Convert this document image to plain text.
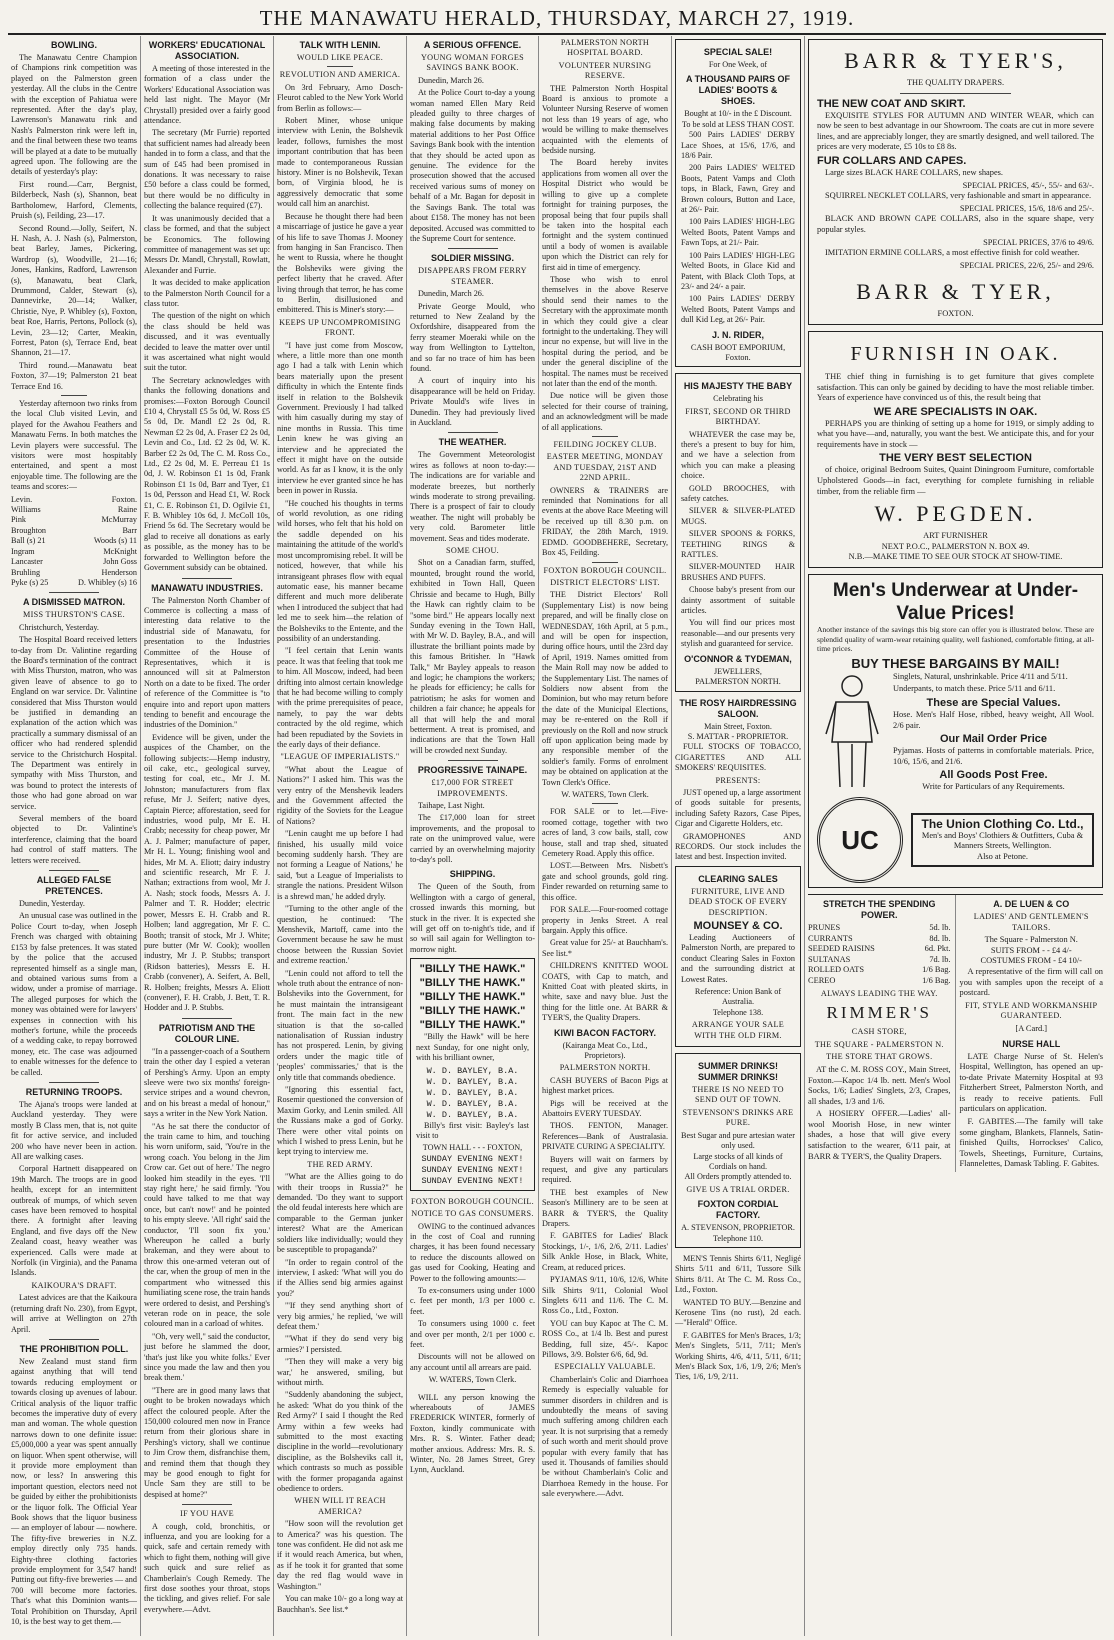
THE MANAWATU HERALD, THURSDAY, MARCH 27, 1919.
BOWLING.

The Manawatu Centre Champion of Champions rink competition was played on the Palmerston green yesterday. All the clubs in the Centre with the exception of Pahiatua were represented. After the day's play, Lawrenson's Manawatu rink and Nash's Palmerston rink were left in, and the final between these two teams will be played at a date to be mutually agreed upon. The following are the details of yesterday's play:

First round.—Carr, Bergnist, Bilderbeck, Nash (s), Shannon, beat Bartholomew, Harford, Clements, Pruish (s), Feilding, 23—17.

Second Round.—Jolly, Seifert, N. H. Nash, A. J. Nash (s), Palmerston, beat Barley, James, Pickering, Wardrop (s), Woodville, 21—16; Jones, Hankins, Radford, Lawrenson (s), Manawatu, beat Clark, Drummond, Calder, Stewart (s), Dannevirke, 20—14; Walker, Christie, Nye, P. Whibley (s), Foxton, beat Roe, Harris, Pertons, Pollock (s), Levin, 23—12; Carter, Meakin, Forrest, Paton (s), Terrace End, beat Shannon, 21—17.

Third round.—Manawatu beat Foxton, 37—19; Palmerston 21 beat Terrace End 16.

Yesterday afternoon two rinks from the local Club visited Levin, and played for the Awahou Feathers and Manawatu Ferns. In both matches the Levin players were successful. The visitors were most hospitably entertained, and spent a most enjoyable time. The following are the teams and scores:—

Levin.	Foxton.
Williams	Raine
Pink	McMurray
Broughton	Barr
Ball (s) 21	Woods (s) 11
Ingram	McKnight
Lancaster	John Goss
Bruhling	Henderson
Pyke (s) 25	D. Whibley (s) 16
A DISMISSED MATRON.
MISS THURSTON'S CASE.

Christchurch, Yesterday.

The Hospital Board received letters to-day from Dr. Valintine regarding the Board's termination of the contract with Miss Thurston, matron, who was given leave of absence to go to England on war service. Dr. Valintine considered that Miss Thurston would be justified in demanding an explanation of the action which was practically a summary dismissal of an officer who had rendered splendid service to the Christchurch Hospital. The Department was entirely in sympathy with Miss Thurston, and was bound to protect the interests of those who had gone abroad on war service.

Several members of the board objected to Dr. Valintine's interference, claiming that the board had control of staff matters. The letters were received.

ALLEGED FALSE PRETENCES.

Dunedin, Yesterday.

An unusual case was outlined in the Police Court to-day, when Joseph French was charged with obtaining £153 by false pretences. It was stated by the police that the accused represented himself as a single man, and obtained various sums from a widow, under a promise of marriage. The alleged purposes for which the money was obtained were for lawyers' expenses in connection with his mother's fortune, while the proceeds of a wedding cake, to repay borrowed money, etc. The case was adjourned to enable witnesses for the defence to be called.

RETURNING TROOPS.

The Ajana's troops were landed at Auckland yesterday. They were mostly B Class men, that is, not quite fit for active service, and included 200 who have never been in action. All are walking cases.

Corporal Hartnett disappeared on 19th March. The troops are in good health, except for an intermittent outbreak of mumps, of which seven cases have been removed to hospital there. A fortnight after leaving England, and five days off the New Zealand coast, heavy weather was experienced. Calls were made at Norfolk (in Virginia), and the Panama Islands.

KAIKOURA'S DRAFT.

Latest advices are that the Kaikoura (returning draft No. 230), from Egypt, will arrive at Wellington on 27th April.

THE PROHIBITION POLL.

New Zealand must stand firm against anything that will tend towards reducing employment or towards closing up avenues of labour. Critical analysis of the liquor traffic becomes the imperative duty of every man and woman. The whole question narrows down to one definite issue: £5,000,000 a year was spent annually on liquor. When spent otherwise, will it provide more employment than now, or less? In answering this important question, electors need not be guided by either the prohibitionists or the liquor folk. The Official Year Book shows that the liquor business — an employer of labour — nowhere. The fifty-five breweries in N.Z. employ directly only 735 hands. Eighty-three clothing factories provide employment for 3,547 hand! Putting out fifty-five breweries — and 700 will become more factories. That's what this Dominion wants—Total Prohibition on Thursday, April 10, is the best way to get them.—

WORKERS' EDUCATIONAL ASSOCIATION.

A meeting of those interested in the formation of a class under the Workers' Educational Association was held last night. The Mayor (Mr Chrystall) presided over a fairly good attendance.

The secretary (Mr Furrie) reported that sufficient names had already been handed in to form a class, and that the sum of £45 had been promised in donations. It was necessary to raise £50 before a class could be formed, but there would be no difficulty in collecting the balance required (£7).

It was unanimously decided that a class be formed, and that the subject be Economics. The following committee of management was set up: Messrs Dr. Mandl, Chrystall, Rowlatt, Alexander and Furrie.

It was decided to make application to the Palmerston North Council for a class tutor.

The question of the night on which the class should be held was discussed, and it was eventually decided to leave the matter over until it was ascertained what night would suit the tutor.

The Secretary acknowledges with thanks the following donations and promises:—Foxton Borough Council £10 4, Chrystall £5 5s 0d, W. Ross £5 5s 0d, Dr. Mandl £2 2s 0d, R. Newman £2 2s 0d, A. Fraser £2 2s 0d, Levin and Co., Ltd. £2 2s 0d, W. K. Barber £2 2s 0d, The C. M. Ross Co., Ltd., £2 2s 0d, M. E. Perreau £1 1s 0d, J. W. Robinson £1 1s 0d, Frank Robinson £1 1s 0d, Barr and Tyer, £1 1s 0d, Persson and Head £1, W. Rock £1, C. E. Robinson £1, D. Ogilvie £1, F. B. Whibley 10s 6d, J. McColl 10s, Friend 5s 6d. The Secretary would be glad to receive all donations as early as possible, as the money has to be forwarded to Wellington before the Government subsidy can be obtained.

MANAWATU INDUSTRIES.

The Palmerston North Chamber of Commerce is collecting a mass of interesting data relative to the industrial side of Manawatu, for presentation to the Industries Committee of the House of Representatives, which it is announced will sit at Palmerston North on a date to be fixed. The order of reference of the Committee is "to enquire into and report upon matters tending to benefit and encourage the industries of the Dominion."

Evidence will be given, under the auspices of the Chamber, on the following subjects:—Hemp industry, oil cake, etc., geological survey, testing for coal, etc., Mr J. M. Johnston; manufacturers from flax refuse, Mr J. Seifert; native dyes, Captain Pierce; afforestation, seed for industries, wood pulp, Mr E. H. Crabb; necessity for cheap power, Mr A. J. Palmer; manufacture of paper, Mr H. L. Young; finishing wool and hides, Mr M. A. Eliott; dairy industry and scientific research, Mr F. J. Nathan; extractions from wool, Mr J. A. Nash; stock foods, Messrs A. J. Palmer and T. R. Hodder; electric power, Messrs E. H. Crabb and R. Holben; land aggregation, Mr F. C. Booth; transit of stock, Mr J. White; pure butter (Mr W. Cook); woollen industry, Mr J. P. Stubbs; transport (Ridson batteries), Messrs E. H. Crabb (convener), A. Seifert, A. Bell, R. Holben; freights, Messrs A. Eliott (convener), F. H. Crabb, J. Bett, T. R. Hodder and J. P. Stubbs.

PATRIOTISM AND THE COLOUR LINE.

"In a passenger-coach of a Southern train the other day I espied a veteran of Pershing's Army. Upon an empty sleeve were two six months' foreign-service stripes and a wound chevron, and on his breast a medal of honour," says a writer in the New York Nation.

"As he sat there the conductor of the train came to him, and touching his worn uniform, said, 'You're in the wrong coach. You belong in the Jim Crow car. Get out of here.' The negro looked him steadily in the eyes. 'I'll stay right here,' he said firmly. 'You could have talked to me that way once, but can't now!' and he pointed to his empty sleeve. 'All right' said the conductor, 'I'll soon fix you.' Whereupon he called a burly brakeman, and they were about to throw this one-armed veteran out of the car, when the group of men in the compartment who witnessed this humiliating scene rose, the train hands were ordered to desist, and Pershing's veteran rode on in peace, the sole coloured man in a carload of whites.

"Oh, very well," said the conductor, just before he slammed the door, 'that's just like you white folks.' Ever since you made the law and then you break them.'

"There are in good many laws that ought to be broken nowadays which affect the coloured people. After the 150,000 coloured men now in France return from their glorious share in Pershing's victory, shall we continue to Jim Crow them, disfranchise them, and remind them that though they may be good enough to fight for Uncle Sam they are still to be despised at home?"

IF YOU HAVE

A cough, cold, bronchitis, or influenza, and you are looking for a quick, safe and certain remedy with which to fight them, nothing will give such quick and sure relief as Chamberlain's Cough Remedy. The first dose soothes your throat, stops the tickling, and gives relief. For sale everywhere.—Advt.

TALK WITH LENIN.
WOULD LIKE PEACE.
REVOLUTION AND AMERICA.

On 3rd February, Arno Dosch-Fleurot cabled to the New York World from Berlin as follows:—

Robert Miner, whose unique interview with Lenin, the Bolshevik leader, follows, furnishes the most important contribution that has been made to contemporaneous Russian history. Miner is no Bolshevik, Texan born, of Virginia blood, he is aggressively democratic that some would call him an anarchist.

Because he thought there had been a miscarriage of justice he gave a year of his life to save Thomas J. Mooney from hanging in San Francisco. Then he went to Russia, where he thought the Bolsheviks were giving the perfect liberty that he craved. After living through that terror, he has come to Berlin, disillusioned and embittered. This is Miner's story:—

KEEPS UP UNCOMPROMISING FRONT.

"I have just come from Moscow, where, a little more than one month ago I had a talk with Lenin which bears materially upon the present difficulty in which the Entente finds itself in relation to the Bolshevik Government. Previously I had talked with him casually during my stay of nine months in Russia. This time Lenin knew he was giving an interview and he appreciated the effect it might have on the outside world. As far as I know, it is the only interview he ever granted since he has been in power in Russia.

"He couched his thoughts in terms of world revolution, as one riding wild horses, who felt that his hold on the saddle depended on his maintaining the attitude of the world's most uncompromising rebel. It will be noticed, however, that while his intransigeant phrases flow with equal automatic ease, his manner became different and much more deliberate when I introduced the subject that had led me to seek him—the relation of the Bolsheviks to the Entente, and the possibility of an understanding.

"I feel certain that Lenin wants peace. It was that feeling that took me to him. All Moscow, indeed, had been drifting into almost certain knowledge that he had become willing to comply with the prime prerequisites of peace, namely, to pay the war debts contracted by the old regime, which had been repudiated by the Soviets in the early days of their defiance.

"LEAGUE OF IMPERIALISTS."

"What about the League of Nations?" I asked him. This was the very entry of the Menshevik leaders and the Government affected the rigidity of the Soviets for the League of Nations?

"Lenin caught me up before I had finished, his usually mild voice becoming suddenly harsh. 'They are not forming a League of Nations,' he said, 'but a League of Imperialists to strangle the nations. President Wilson is a shrewd man,' he added dryly.

"Turning to the other angle of the question, he continued: 'The Menshevik, Martoff, came into the Government because he saw he must choose between the Russian Soviet and extreme reaction.'

"Lenin could not afford to tell the whole truth about the entrance of non-Bolsheviks into the Government, for he must maintain the intransigeant front. The main fact in the new situation is that the so-called nationalisation of Russian industry has not prospered. Lenin, by giving orders under the magic title of 'peoples' commissaries,' that is the only title that commands obedience.

"Ignoring this essential fact, Rosemir questioned the conversion of Maxim Gorky, and Lenin smiled. All the Russians make a god of Gorky. There were other vital points on which I wished to press Lenin, but he kept trying to interview me.

THE RED ARMY.

"What are the Allies going to do with their troops in Russia?" he demanded. 'Do they want to support the old feudal interests here which are comparable to the German junker interest? What are the American soldiers like individually; would they be susceptible to propaganda?'

"In order to regain control of the interview, I asked: 'What will you do if the Allies send big armies against you?'

"'If they send anything short of very big armies,' he replied, 'we will defeat them.'

"'What if they do send very big armies?' I persisted.

"Then they will make a very big war,' he answered, smiling, but without mirth.

"Suddenly abandoning the subject, he asked: 'What do you think of the Red Army?' I said I thought the Red Army within a few weeks had submitted to the most exacting discipline in the world—revolutionary discipline, as the Bolsheviks call it, which contrasts so much as possible with the former propaganda against obedience to orders.

WHEN WILL IT REACH AMERICA?

"How soon will the revolution get to America?' was his question. The tone was confident. He did not ask me if it would reach America, but when, as if he took it for granted that some day the red flag would wave in Washington."

You can make 10/- go a long way at Bauchhan's. See list.*

A SERIOUS OFFENCE.
YOUNG WOMAN FORGES SAVINGS BANK BOOK.

Dunedin, March 26.

At the Police Court to-day a young woman named Ellen Mary Reid pleaded guilty to three charges of making false documents by making material additions to her Post Office Savings Bank book with the intention that they should be acted upon as genuine. The evidence for the prosecution showed that the accused received various sums of money on behalf of a Mr. Bagan for deposit in the Savings Bank. The total was about £158. The money has not been deposited. Accused was committed to the Supreme Court for sentence.

SOLDIER MISSING.
DISAPPEARS FROM FERRY STEAMER.

Dunedin, March 26.

Private George Mould, who returned to New Zealand by the Oxfordshire, disappeared from the ferry steamer Moeraki while on the way from Wellington to Lyttelton, and so far no trace of him has been found.

A court of inquiry into his disappearance will be held on Friday. Private Mould's wife lives in Dunedin. They had previously lived in Auckland.

THE WEATHER.

The Government Meteorologist wires as follows at noon to-day:— The indications are for variable and moderate breezes, but northerly winds moderate to strong prevailing. There is a prospect of fair to cloudy weather. The night will probably be very cold. Barometer little movement. Seas and tides moderate.

SOME CHOU.

Shot on a Canadian farm, stuffed, mounted, brought round the world, exhibited in Town Hall, Queen Chrissie and became to Hugh, Billy the Hawk can rightly claim to be "some bird." He appears locally next Sunday evening in the Town Hall, with Mr W. D. Bayley, B.A., and will illustrate the brilliant points made by this famous Britisher. In "Hawk Talk," Mr Bayley appeals to reason and logic; he champions the workers; he pleads for efficiency; he calls for patriotism; he asks for women and children a fair chance; he appeals for all that will help the and moral betterment. A treat is promised, and indications are that the Town Hall will be crowded next Sunday.

PROGRESSIVE TAINAPE.
£17,000 FOR STREET IMPROVEMENTS.

Taihape, Last Night.

The £17,000 loan for street improvements, and the proposal to rate on the unimproved value, were carried by an overwhelming majority to-day's poll.

SHIPPING.

The Queen of the South, from Wellington with a cargo of general, crossed inwards this morning, but stuck in the river. It is expected she will get off on to-night's tide, and if so will sail again for Wellington to-morrow night.

"BILLY THE HAWK."
"BILLY THE HAWK."
"BILLY THE HAWK."
"BILLY THE HAWK."
"BILLY THE HAWK."

"Billy the Hawk" will be here next Sunday, for one night only, with his brilliant owner,

W. D. BAYLEY, B.A.
W. D. BAYLEY, B.A.
W. D. BAYLEY, B.A.
W. D. BAYLEY, B.A.
W. D. BAYLEY, B.A.

Billy's first visit: Bayley's last visit to

TOWN HALL - - - FOXTON,
SUNDAY EVENING NEXT!
SUNDAY EVENING NEXT!
SUNDAY EVENING NEXT!
FOXTON BOROUGH COUNCIL.
NOTICE TO GAS CONSUMERS.

OWING to the continued advances in the cost of Coal and running charges, it has been found necessary to reduce the discounts allowed on gas used for Cooking, Heating and Power to the following amounts:—

To ex-consumers using under 1000 c. feet per month, 1/3 per 1000 c. feet.

To consumers using 1000 c. feet and over per month, 2/1 per 1000 c. feet.

Discounts will not be allowed on any account until all arrears are paid.

W. WATERS, Town Clerk.

WILL any person knowing the whereabouts of JAMES FREDERICK WINTER, formerly of Foxton, kindly communicate with Mrs. R. S. Winter. Father dead; mother anxious. Address: Mrs. R. S. Winter, No. 28 James Street, Grey Lynn, Auckland.

PALMERSTON NORTH HOSPITAL BOARD.
VOLUNTEER NURSING RESERVE.

THE Palmerston North Hospital Board is anxious to promote a Volunteer Nursing Reserve of women not less than 19 years of age, who would be willing to make themselves acquainted with the elements of bedside nursing.

The Board hereby invites applications from women all over the Hospital District who would be willing to give up a complete fortnight for training purposes, the proposal being that four pupils shall be taken into the hospital each fortnight and the system continued until a body of women is available upon which the District can rely for first aid in time of emergency.

Those who wish to enrol themselves in the above Reserve should send their names to the Secretary with the approximate month in which they could give a clear fortnight to the undertaking. They will incur no expense, but will live in the hospital during the period, and be under the general discipline of the hospital. The names must be received not later than the end of the month.

Due notice will be given those selected for their course of training, and an acknowledgment will be made of all applications.

FEILDING JOCKEY CLUB.
EASTER MEETING, MONDAY AND TUESDAY, 21ST AND 22ND APRIL.

OWNERS & TRAINERS are reminded that Nominations for all events at the above Race Meeting will be received up till 8.30 p.m. on FRIDAY, the 28th March, 1919. EDMD. GOODBEHERE, Secretary, Box 45, Feilding.

FOXTON BOROUGH COUNCIL.
DISTRICT ELECTORS' LIST.

THE District Electors' Roll (Supplementary List) is now being prepared, and will be finally close on WEDNESDAY, 16th April, at 5 p.m., and will be open for inspection, during office hours, until the 23rd day of April, 1919. Names omitted from the Main Roll may now be added to the Supplementary List. The names of Soldiers now absent from the Dominion, but who may return before the date of the Municipal Elections, may be re-entered on the Roll if previously on the Roll and now struck off upon application being made by any responsible member of the soldier's family. Forms of enrolment may be obtained on application at the Town Clerk's Office.

W. WATERS, Town Clerk.

FOR SALE or to let.—Five-roomed cottage, together with two acres of land, 3 cow bails, stall, cow house, stall and trap shed, situated Cemetery Road. Apply this office.

LOST.—Between Mrs. Nisbett's gate and school grounds, gold ring. Finder rewarded on returning same to this office.

FOR SALE.—Four-roomed cottage property in Jenks Street. A real bargain. Apply this office.

Great value for 25/- at Bauchham's. See list.*

CHILDREN'S KNITTED WOOL COATS, with Cap to match, and Knitted Coat with pleated skirts, in white, saxe and navy blue. Just the thing for the little one. At BARR & TYER'S, the Quality Drapers.

KIWI BACON FACTORY.
(Kairanga Meat Co., Ltd., Proprietors).
PALMERSTON NORTH.

CASH BUYERS of Bacon Pigs at highest market prices.

Pigs will be received at the Abattoirs EVERY TUESDAY.

THOS. FENTON, Manager. References—Bank of Australasia. PRIVATE CURING A SPECIALITY.

Buyers will wait on farmers by request, and give any particulars required.

THE best examples of New Season's Millinery are to be seen at BARR & TYER'S, the Quality Drapers.

F. GABITES for Ladies' Black Stockings, 1/-, 1/6, 2/6, 2/11. Ladies' Silk Ankle Hose, in Black, White, Cream, at reduced prices.

PYJAMAS 9/11, 10/6, 12/6, White Silk Shirts 9/11, Colonial Wool Singlets 6/11 and 11/6. The C. M. Ross Co., Ltd., Foxton.

YOU can buy Kapoc at The C. M. ROSS Co., at 1/4 lb. Best and purest Bedding, full size, 45/-. Kapoc Pillows, 3/9. Bolster 6/6, 6d, 9d.

ESPECIALLY VALUABLE.

Chamberlain's Colic and Diarrhoea Remedy is especially valuable for summer disorders in children and is undoubtedly the means of saving much suffering among children each year. It is not surprising that a remedy of such worth and merit should prove popular with every family that has used it. Thousands of families should be without Chamberlain's Colic and Diarrhoea Remedy in the house. For sale everywhere.—Advt.

SPECIAL SALE!
For One Week, of
A THOUSAND PAIRS OF LADIES' BOOTS & SHOES.
Bought at 10/- in the £ Discount. To be sold at LESS THAN COST.

500 Pairs LADIES' DERBY Lace Shoes, at 15/6, 17/6, and 18/6 Pair.

200 Pairs LADIES' WELTED Boots, Patent Vamps and Cloth tops, in Black, Fawn, Grey and Brown colours, Button and Lace, at 26/- Pair.

100 Pairs LADIES' HIGH-LEG Welted Boots, Patent Vamps and Fawn Tops, at 21/- Pair.

100 Pairs LADIES' HIGH-LEG Welted Boots, in Glace Kid and Patent, with Black Cloth Tops, at 23/- and 24/- a pair.

100 Pairs LADIES' DERBY Welted Boots, Patent Vamps and dull Kid Leg, at 26/- Pair.

J. N. RIDER,
CASH BOOT EMPORIUM,
Foxton.
HIS MAJESTY THE BABY
Celebrating his
FIRST, SECOND OR THIRD BIRTHDAY.

WHATEVER the case may be, there's a present to buy for him, and we have a selection from which you can make a pleasing choice.

GOLD BROOCHES, with safety catches.

SILVER & SILVER-PLATED MUGS.

SILVER SPOONS & FORKS, TEETHING RINGS & RATTLES.

SILVER-MOUNTED HAIR BRUSHES AND PUFFS.

Choose baby's present from our dainty assortment of suitable articles.

You will find our prices most reasonable—and our presents very stylish and guaranteed for service.

O'CONNOR & TYDEMAN,
JEWELLERS,
PALMERSTON NORTH.
THE ROSY HAIRDRESSING SALOON.
Main Street, Foxton.
S. MATTAR - PROPRIETOR.

FULL STOCKS OF TOBACCO, CIGARETTES AND ALL SMOKERS' REQUISITES.

PRESENTS:

JUST opened up, a large assortment of goods suitable for presents, including Safety Razors, Case Pipes, Cigar and Cigarette Holders, etc.

GRAMOPHONES AND RECORDS. Our stock includes the latest and best. Inspection invited.

CLEARING SALES
FURNITURE, LIVE AND DEAD STOCK OF EVERY DESCRIPTION.
MOUNSEY & CO.

Leading Auctioneers of Palmerston North, are prepared to conduct Clearing Sales in Foxton and the surrounding district at Lowest Rates.

Reference: Union Bank of Australia.
Telephone 138.
ARRANGE YOUR SALE WITH THE OLD FIRM.
SUMMER DRINKS! SUMMER DRINKS!
THERE IS NO NEED TO SEND OUT OF TOWN.
STEVENSON'S DRINKS ARE PURE.
Best Sugar and pure artesian water only used.
Large stocks of all kinds of Cordials on hand.
All Orders promptly attended to.
GIVE US A TRIAL ORDER.
FOXTON CORDIAL FACTORY.
A. STEVENSON, PROPRIETOR. Telephone 110.

MEN'S Tennis Shirts 6/11, Negligé Shirts 5/11 and 6/11, Tussore Silk Shirts 8/11. At The C. M. Ross Co., Ltd., Foxton.

WANTED TO BUY.—Benzine and Kerosene Tins (no rust), 2d each.—"Herald" Office.

F. GABITES for Men's Braces, 1/3; Men's Singlets, 5/11, 7/11; Men's Working Shirts, 4/6, 4/11, 5/11, 6/11; Men's Black Sox, 1/6, 1/9, 2/6; Men's Ties, 1/6, 1/9, 2/11.

BARR & TYER'S,
THE QUALITY DRAPERS.
THE NEW COAT AND SKIRT.

EXQUISITE STYLES FOR AUTUMN AND WINTER WEAR, which can now be seen to best advantage in our Showroom. The coats are cut in more severe lines, and are appreciably longer, they are smartly designed, and well tailored. The prices are very moderate, £5 10s to £8 8s.

FUR COLLARS AND CAPES.

Large sizes BLACK HARE COLLARS, new shapes.

SPECIAL PRICES, 45/-, 55/- and 63/-.

SQUIRREL NECKLET COLLARS, very fashionable and smart in appearance.

SPECIAL PRICES, 15/6, 18/6 and 25/-.

BLACK AND BROWN CAPE COLLARS, also in the square shape, very popular styles.

SPECIAL PRICES, 37/6 to 49/6.

IMITATION ERMINE COLLARS, a most effective finish for cold weather.

SPECIAL PRICES, 22/6, 25/- and 29/6.
BARR & TYER,
FOXTON.
FURNISH IN OAK.

THE chief thing in furnishing is to get furniture that gives complete satisfaction. This can only be gained by deciding to have the most reliable timber. Years of experience have convinced us of this, the result being that

WE ARE SPECIALISTS IN OAK.

PERHAPS you are thinking of setting up a home for 1919, or simply adding to what you have—and, naturally, you want the best. We anticipate this, and for your requirements have in stock —

THE VERY BEST SELECTION

of choice, original Bedroom Suites, Quaint Diningroom Furniture, comfortable Upholstered Goods—in fact, everything for complete furnishing in reliable timber, from the reliable firm —

W. PEGDEN.
ART FURNISHER
NEXT P.O.C., PALMERSTON N. BOX 49.
N.B.—MAKE TIME TO SEE OUR STOCK AT SHOW-TIME.
Men's Underwear at Under-Value Prices!

Another instance of the savings this big store can offer you is illustrated below. These are splendid quality of warm-wear retaining quality, well fashioned, comfortable fitting, at all-time prices.

BUY THESE BARGAINS BY MAIL!

Singlets, Natural, unshrinkable. Price 4/11 and 5/11.

Underpants, to match these. Price 5/11 and 6/11.

These are Special Values.

Hose. Men's Half Hose, ribbed, heavy weight, All Wool. 2/6 pair.

Our Mail Order Price

Pyjamas. Hosts of patterns in comfortable materials. Price, 10/6, 15/6, and 21/6.

All Goods Post Free.
Write for Particulars of any Requirements.
UC
The Union Clothing Co. Ltd.,
Men's and Boys' Clothiers & Outfitters, Cuba & Manners Streets, Wellington.
Also at Petone.
STRETCH THE SPENDING POWER.
PRUNES	5d. lb.
CURRANTS	8d. lb.
SEEDED RAISINS	6d. Pkt.
SULTANAS	7d. lb.
ROLLED OATS	1/6 Bag.
CEREO	1/6 Bag.
ALWAYS LEADING THE WAY.
RIMMER'S
CASH STORE,
THE SQUARE - PALMERSTON N.
THE STORE THAT GROWS.

AT the C. M. ROSS COY., Main Street, Foxton.—Kapoc 1/4 lb. nett. Men's Wool Socks, 1/6; Ladies' Singlets, 2/3, Crapes, all shades, 1/3 and 1/6.

A HOSIERY OFFER.—Ladies' all-wool Moorish Hose, in new winter shades, a hose that will give every satisfaction to the wearer, 6/11 pair, at BARR & TYER'S, the Quality Drapers.

A. DE LUEN & CO
LADIES' AND GENTLEMEN'S TAILORS.
The Square - Palmerston N.
SUITS FROM - - £4 4/-
COSTUMES FROM - £4 10/-

A representative of the firm will call on you with samples upon the receipt of a postcard.

FIT, STYLE AND WORKMANSHIP GUARANTEED.
[A Card.]
NURSE HALL

LATE Charge Nurse of St. Helen's Hospital, Wellington, has opened an up-to-date Private Maternity Hospital at 93 Fitzherbert Street, Palmerston North, and is ready to receive patients. Full particulars on application.

F. GABITES.—The family will take some gingham, Blankets, Flannels, Satin-finished Quilts, Horrockses' Calico, Towels, Sheetings, Furniture, Curtains, Flannelettes, Damask Tabling. F. Gabites.
